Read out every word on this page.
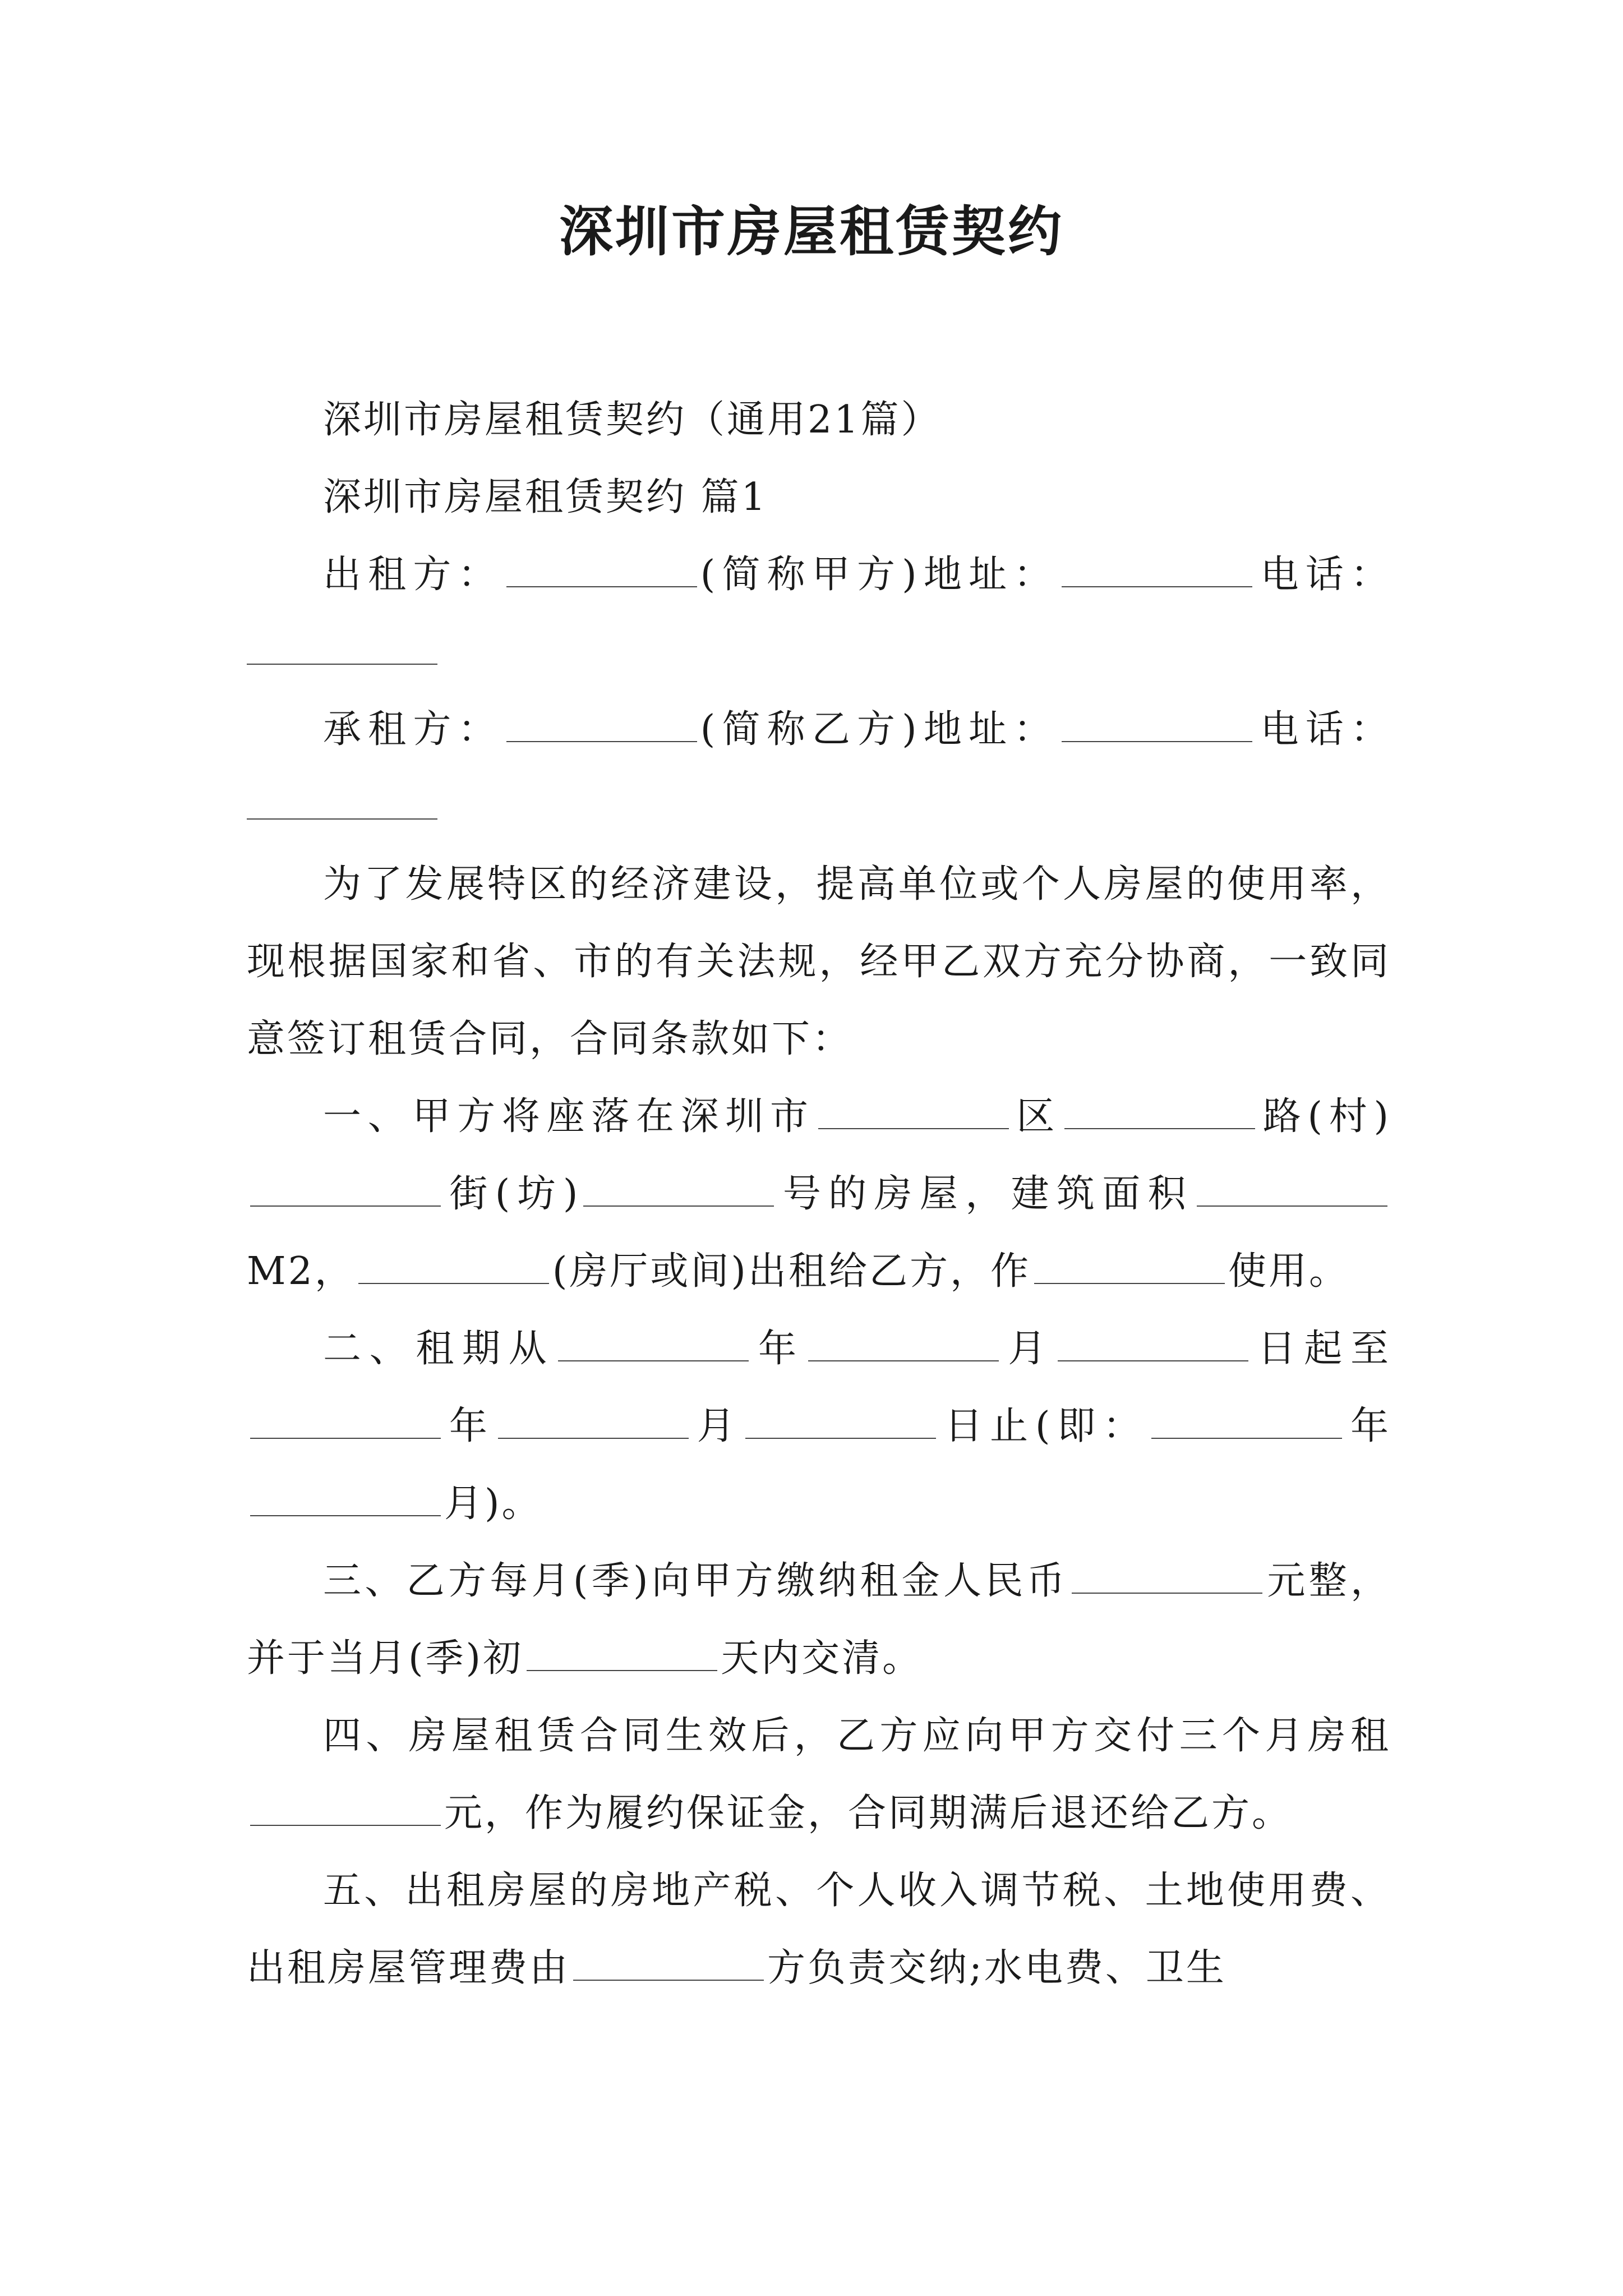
深圳市房屋租赁契约

深圳市房屋租赁契约（通用21篇）

深圳市房屋租赁契约 篇1

出租方：	(简称甲方)地址：	电话：

承租方：	(简称乙方)地址：	电话：

为了发展特区的经济建设，提高单位或个人房屋的使用率，现根据国家和省、市的有关法规，经甲乙双方充分协商，一致同意签订租赁合同，合同条款如下：

一、甲方将座落在深圳市	区	路(村)街(坊)	号的房屋，建筑面积M2，	(房厅或间)出租给乙方，作	使用。

二、租期从	年	月	日起至年	月	日止(即：	年月)。

三、乙方每月(季)向甲方缴纳租金人民币	元整，并于当月(季)初	天内交清。

四、房屋租赁合同生效后，乙方应向甲方交付三个月房租元，作为履约保证金，合同期满后退还给乙方。

五、出租房屋的房地产税、个人收入调节税、土地使用费、出租房屋管理费由	方负责交纳;水电费、卫生
